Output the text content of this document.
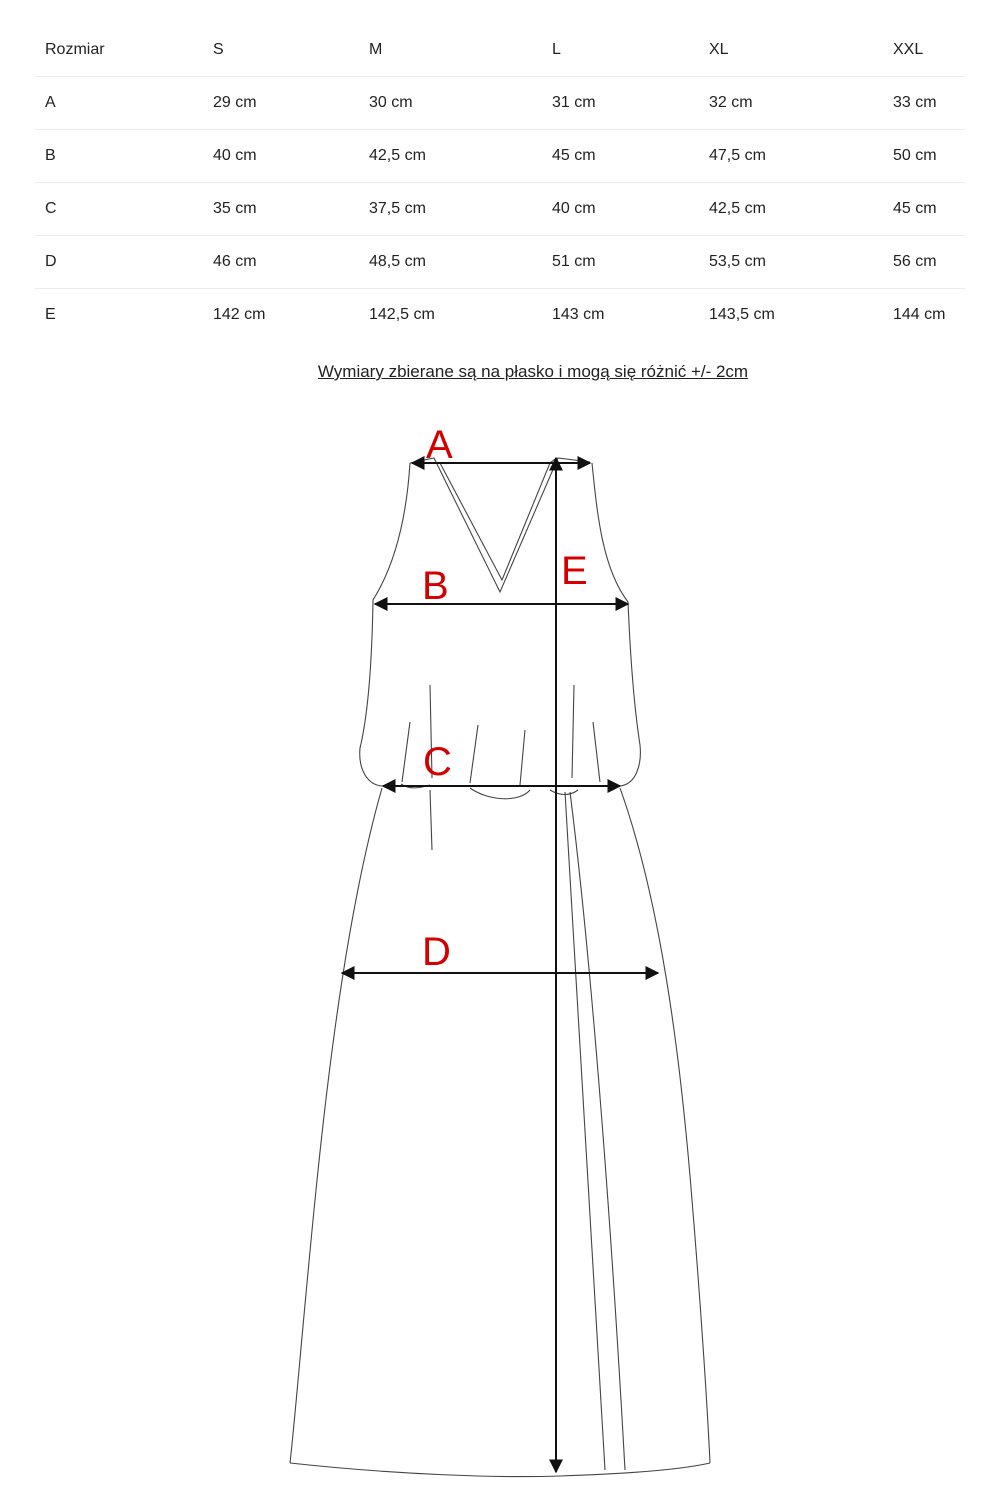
Rozmiar	S	M	L	XL	XXL
A	29 cm	30 cm	31 cm	32 cm	33 cm
B	40 cm	42,5 cm	45 cm	47,5 cm	50 cm
C	35 cm	37,5 cm	40 cm	42,5 cm	45 cm
D	46 cm	48,5 cm	51 cm	53,5 cm	56 cm
E	142 cm	142,5 cm	143 cm	143,5 cm	144 cm
Wymiary zbierane są na płasko i mogą się różnić +/- 2cm
A
B
C
D
E
